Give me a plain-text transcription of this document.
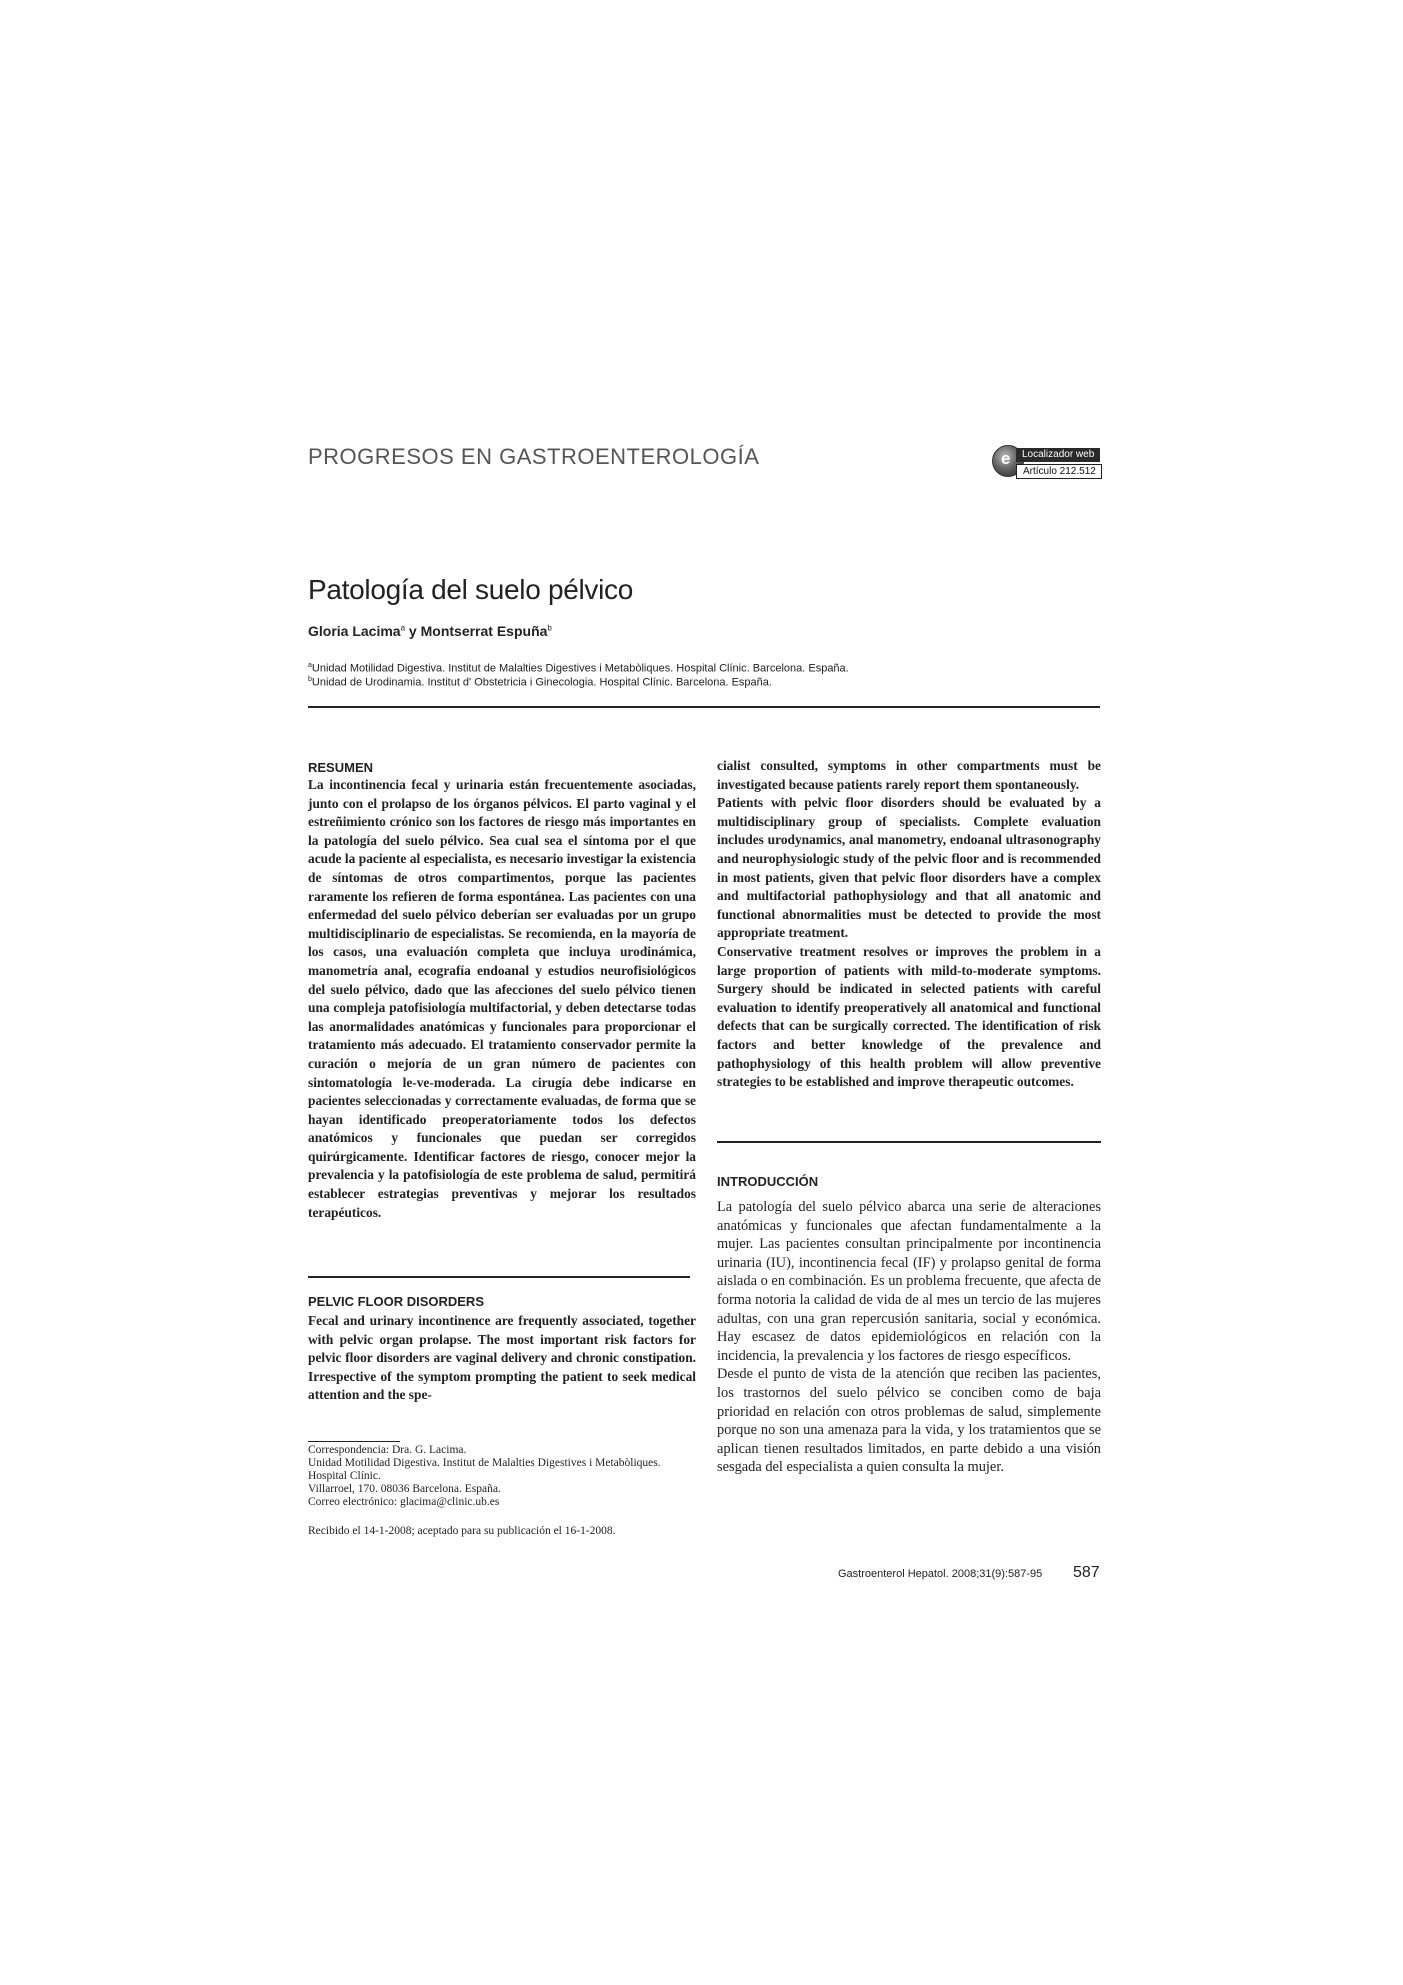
PROGRESOS EN GASTROENTEROLOGÍA	e	Localizador web
Artículo 212.512
Patología del suelo pélvico
Gloria Lacima$^a$ y Montserrat Espuña$^b$
$^a$Unidad Motilidad Digestiva. Institut de Malalties Digestives i Metabòliques. Hospital Clínic. Barcelona. España.
$^b$Unidad de Urodinamia. Institut d' Obstetricia i Ginecologia. Hospital Clínic. Barcelona. España.
RESUMEN

La incontinencia fecal y urinaria están frecuentemente asociadas, junto con el prolapso de los órganos pélvicos. El parto vaginal y el estreñimiento crónico son los factores de riesgo más importantes en la patología del suelo pélvico. Sea cual sea el síntoma por el que acude la paciente al especialista, es necesario investigar la existencia de síntomas de otros compartimentos, porque las pacientes raramente los refieren de forma espontánea. Las pacientes con una enfermedad del suelo pélvico deberían ser evaluadas por un grupo multidisciplinario de especialistas. Se recomienda, en la mayoría de los casos, una evaluación completa que incluya urodinámica, manometría anal, ecografía endoanal y estudios neurofisiológicos del suelo pélvico, dado que las afecciones del suelo pélvico tienen una compleja patofisiología multifactorial, y deben detectarse todas las anormalidades anatómicas y funcionales para proporcionar el tratamiento más adecuado. El tratamiento conservador permite la curación o mejoría de un gran número de pacientes con sintomatología le-ve-moderada. La cirugía debe indicarse en pacientes seleccionadas y correctamente evaluadas, de forma que se hayan identificado preoperatoriamente todos los defectos anatómicos y funcionales que puedan ser corregidos quirúrgicamente. Identificar factores de riesgo, conocer mejor la prevalencia y la patofisiología de este problema de salud, permitirá establecer estrategias preventivas y mejorar los resultados terapéuticos.

PELVIC FLOOR DISORDERS

Fecal and urinary incontinence are frequently associated, together with pelvic organ prolapse. The most important risk factors for pelvic floor disorders are vaginal delivery and chronic constipation. Irrespective of the symptom prompting the patient to seek medical attention and the spe-

Correspondencia: Dra. G. Lacima.
Unidad Motilidad Digestiva. Institut de Malalties Digestives i Metabòliques.
Hospital Clínic.
Villarroel, 170. 08036 Barcelona. España.
Correo electrónico: glacima@clinic.ub.es
Recibido el 14-1-2008; aceptado para su publicación el 16-1-2008.

cialist consulted, symptoms in other compartments must be investigated because patients rarely report them spontaneously.

Patients with pelvic floor disorders should be evaluated by a multidisciplinary group of specialists. Complete evaluation includes urodynamics, anal manometry, endoanal ultrasonography and neurophysiologic study of the pelvic floor and is recommended in most patients, given that pelvic floor disorders have a complex and multifactorial pathophysiology and that all anatomic and functional abnormalities must be detected to provide the most appropriate treatment.

Conservative treatment resolves or improves the problem in a large proportion of patients with mild-to-moderate symptoms. Surgery should be indicated in selected patients with careful evaluation to identify preoperatively all anatomical and functional defects that can be surgically corrected. The identification of risk factors and better knowledge of the prevalence and pathophysiology of this health problem will allow preventive strategies to be established and improve therapeutic outcomes.

INTRODUCCIÓN

La patología del suelo pélvico abarca una serie de alteraciones anatómicas y funcionales que afectan fundamentalmente a la mujer. Las pacientes consultan principalmente por incontinencia urinaria (IU), incontinencia fecal (IF) y prolapso genital de forma aislada o en combinación. Es un problema frecuente, que afecta de forma notoria la calidad de vida de al mes un tercio de las mujeres adultas, con una gran repercusión sanitaria, social y económica. Hay escasez de datos epidemiológicos en relación con la incidencia, la prevalencia y los factores de riesgo específicos.

Desde el punto de vista de la atención que reciben las pacientes, los trastornos del suelo pélvico se conciben como de baja prioridad en relación con otros problemas de salud, simplemente porque no son una amenaza para la vida, y los tratamientos que se aplican tienen resultados limitados, en parte debido a una visión sesgada del especialista a quien consulta la mujer.

Gastroenterol Hepatol. 2008;31(9):587-95 587
